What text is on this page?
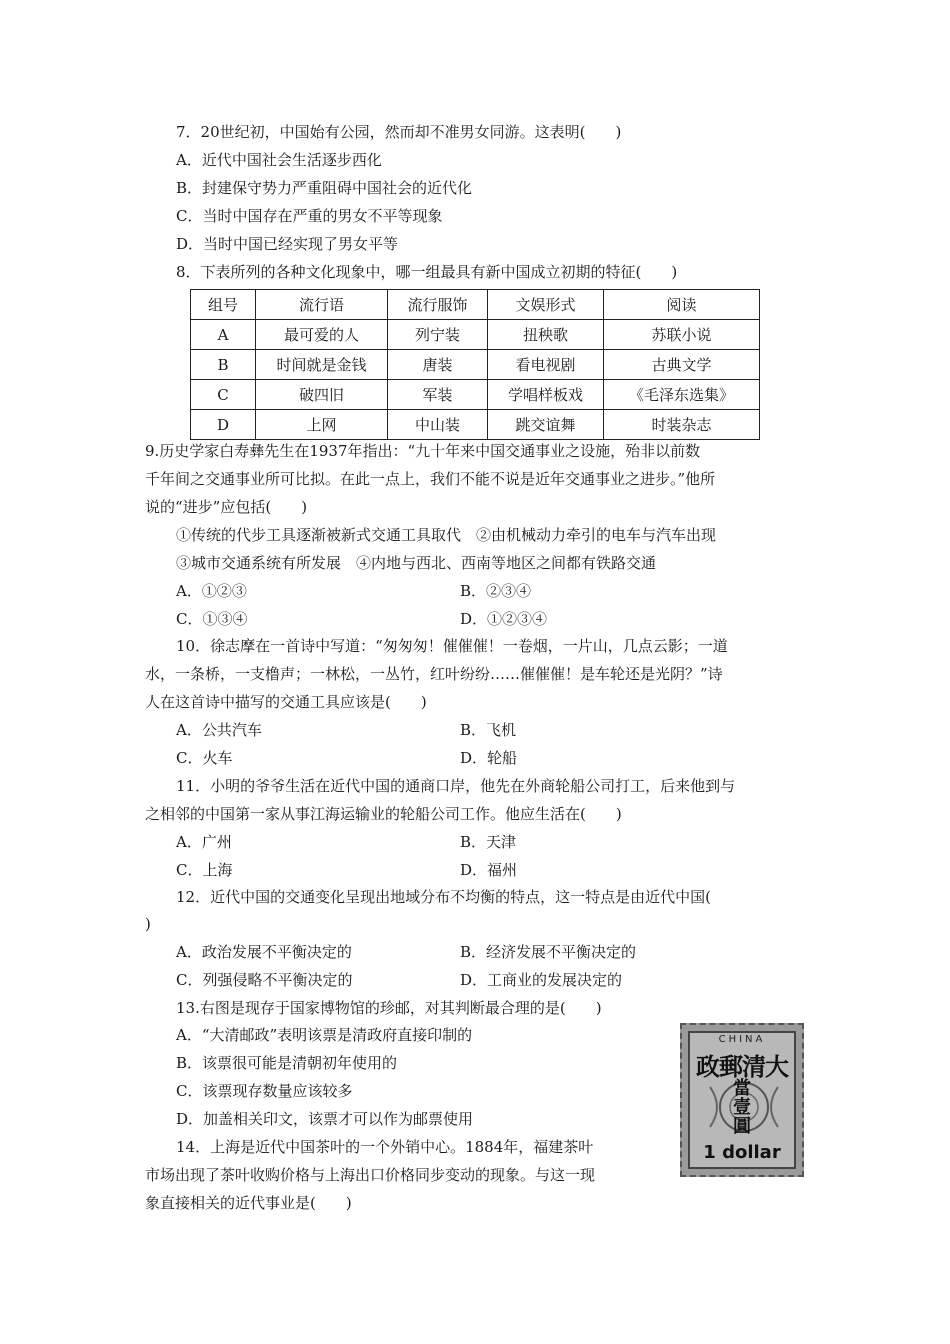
7．20世纪初，中国始有公园，然而却不准男女同游。这表明(　　)
A．近代中国社会生活逐步西化
B．封建保守势力严重阻碍中国社会的近代化
C．当时中国存在严重的男女不平等现象
D．当时中国已经实现了男女平等
8．下表所列的各种文化现象中，哪一组最具有新中国成立初期的特征(　　)
组号	流行语	流行服饰	文娱形式	阅读
A	最可爱的人	列宁装	扭秧歌	苏联小说
B	时间就是金钱	唐装	看电视剧	古典文学
C	破四旧	军装	学唱样板戏	《毛泽东选集》
D	上网	中山装	跳交谊舞	时装杂志
9.历史学家白寿彝先生在1937年指出：“九十年来中国交通事业之设施，殆非以前数
千年间之交通事业所可比拟。在此一点上，我们不能不说是近年交通事业之进步。”他所
说的“进步”应包括(　　)
①传统的代步工具逐渐被新式交通工具取代　②由机械动力牵引的电车与汽车出现
③城市交通系统有所发展　④内地与西北、西南等地区之间都有铁路交通
A．①②③	B．②③④
C．①③④	D．①②③④
10．徐志摩在一首诗中写道：“匆匆匆！催催催！一卷烟，一片山，几点云影；一道
水，一条桥，一支橹声；一林松，一丛竹，红叶纷纷……催催催！是车轮还是光阴？”诗
人在这首诗中描写的交通工具应该是(　　)
A．公共汽车	B．飞机
C．火车	D．轮船
11．小明的爷爷生活在近代中国的通商口岸，他先在外商轮船公司打工，后来他到与
之相邻的中国第一家从事江海运输业的轮船公司工作。他应生活在(　　)
A．广州	B．天津
C．上海	D．福州
12．近代中国的交通变化呈现出地域分布不均衡的特点，这一特点是由近代中国(
)
A．政治发展不平衡决定的	B．经济发展不平衡决定的
C．列强侵略不平衡决定的	D．工商业的发展决定的
13.右图是现存于国家博物馆的珍邮，对其判断最合理的是(　　)
A．“大清邮政”表明该票是清政府直接印制的
B．该票很可能是清朝初年使用的
C．该票现存数量应该较多
D．加盖相关印文，该票才可以作为邮票使用
CHINA
政郵清大
當
壹
圓
1 dollar
14．上海是近代中国茶叶的一个外销中心。1884年，福建茶叶
市场出现了茶叶收购价格与上海出口价格同步变动的现象。与这一现
象直接相关的近代事业是(　　)
